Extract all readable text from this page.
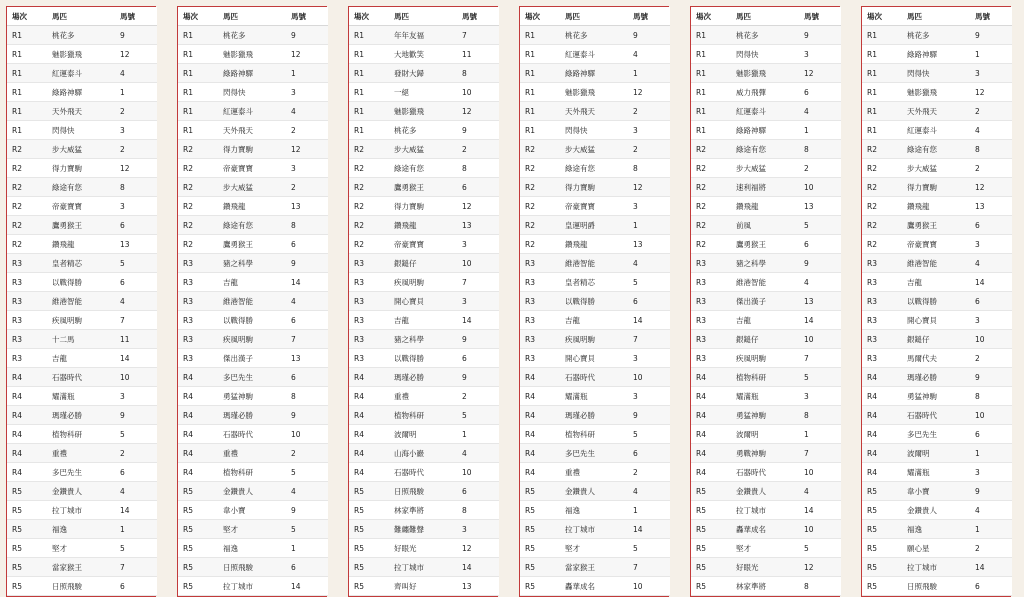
場次	馬匹	馬號
R1	桃花多	9
R1	魅影獵飛	12
R1	紅運泰斗	4
R1	綠路神驛	1
R1	天外飛天	2
R1	閃得快	3
R2	步大威猛	2
R2	得力寶駒	12
R2	綠途有您	8
R2	帝豪寶寶	3
R2	鷹勇猴王	6
R2	鑽飛龍	13
R3	皇者精芯	5
R3	以戰得勝	6
R3	維港智能	4
R3	疾風明駒	7
R3	十二馬	11
R3	吉龍	14
R4	石器時代	10
R4	耀滿瓶	3
R4	瑪瑾必勝	9
R4	植物科研	5
R4	重禮	2
R4	多巴先生	6
R5	金鑽貴人	4
R5	拉丁城市	14
R5	福逸	1
R5	堅才	5
R5	當家猴王	7
R5	日照飛駿	6
場次	馬匹	馬號
R1	桃花多	9
R1	魅影獵飛	12
R1	綠路神驛	1
R1	閃得快	3
R1	紅運泰斗	4
R1	天外飛天	2
R2	得力寶駒	12
R2	帝豪寶寶	3
R2	步大威猛	2
R2	鑽飛龍	13
R2	綠途有您	8
R2	鷹勇猴王	6
R3	豬之科學	9
R3	吉龍	14
R3	維港智能	4
R3	以戰得勝	6
R3	疾風明駒	7
R3	傑出漢子	13
R4	多巴先生	6
R4	勇猛神駒	8
R4	瑪瑾必勝	9
R4	石器時代	10
R4	重禮	2
R4	植物科研	5
R5	金鑽貴人	4
R5	韋小寶	9
R5	堅才	5
R5	福逸	1
R5	日照飛駿	6
R5	拉丁城市	14
場次	馬匹	馬號
R1	年年友福	7
R1	大地歡笑	11
R1	發財大歸	8
R1	一絕	10
R1	魅影獵飛	12
R1	桃花多	9
R2	步大威猛	2
R2	綠途有您	8
R2	鷹勇猴王	6
R2	得力寶駒	12
R2	鑽飛龍	13
R2	帝豪寶寶	3
R3	銀鎚仔	10
R3	疾風明駒	7
R3	開心寶貝	3
R3	吉龍	14
R3	豬之科學	9
R3	以戰得勝	6
R4	瑪瑾必勝	9
R4	重禮	2
R4	植物科研	5
R4	波爾明	1
R4	山海小巖	4
R4	石器時代	10
R5	日照飛駿	6
R5	林家準將	8
R5	難纏難聲	3
R5	好眼光	12
R5	拉丁城市	14
R5	齊叫好	13
場次	馬匹	馬號
R1	桃花多	9
R1	紅運泰斗	4
R1	綠路神驛	1
R1	魅影獵飛	12
R1	天外飛天	2
R1	閃得快	3
R2	步大威猛	2
R2	綠途有您	8
R2	得力寶駒	12
R2	帝豪寶寶	3
R2	皇運明爵	1
R2	鑽飛龍	13
R3	維港智能	4
R3	皇者精芯	5
R3	以戰得勝	6
R3	吉龍	14
R3	疾風明駒	7
R3	開心寶貝	3
R4	石器時代	10
R4	耀滿瓶	3
R4	瑪瑾必勝	9
R4	植物科研	5
R4	多巴先生	6
R4	重禮	2
R5	金鑽貴人	4
R5	福逸	1
R5	拉丁城市	14
R5	堅才	5
R5	當家猴王	7
R5	轟華成名	10
場次	馬匹	馬號
R1	桃花多	9
R1	閃得快	3
R1	魅影獵飛	12
R1	威力飛彈	6
R1	紅運泰斗	4
R1	綠路神驛	1
R2	綠途有您	8
R2	步大威猛	2
R2	速利福將	10
R2	鑽飛龍	13
R2	前風	5
R2	鷹勇猴王	6
R3	豬之科學	9
R3	維港智能	4
R3	傑出漢子	13
R3	吉龍	14
R3	銀鎚仔	10
R3	疾風明駒	7
R4	植物科研	5
R4	耀滿瓶	3
R4	勇猛神駒	8
R4	波爾明	1
R4	勇戰神駒	7
R4	石器時代	10
R5	金鑽貴人	4
R5	拉丁城市	14
R5	轟華成名	10
R5	堅才	5
R5	好眼光	12
R5	林家準將	8
場次	馬匹	馬號
R1	桃花多	9
R1	綠路神驛	1
R1	閃得快	3
R1	魅影獵飛	12
R1	天外飛天	2
R1	紅運泰斗	4
R2	綠途有您	8
R2	步大威猛	2
R2	得力寶駒	12
R2	鑽飛龍	13
R2	鷹勇猴王	6
R2	帝豪寶寶	3
R3	維港智能	4
R3	吉龍	14
R3	以戰得勝	6
R3	開心寶貝	3
R3	銀鎚仔	10
R3	馬爾代夫	2
R4	瑪瑾必勝	9
R4	勇猛神駒	8
R4	石器時代	10
R4	多巴先生	6
R4	波爾明	1
R4	耀滿瓶	3
R5	韋小寶	9
R5	金鑽貴人	4
R5	福逸	1
R5	願心星	2
R5	拉丁城市	14
R5	日照飛駿	6
